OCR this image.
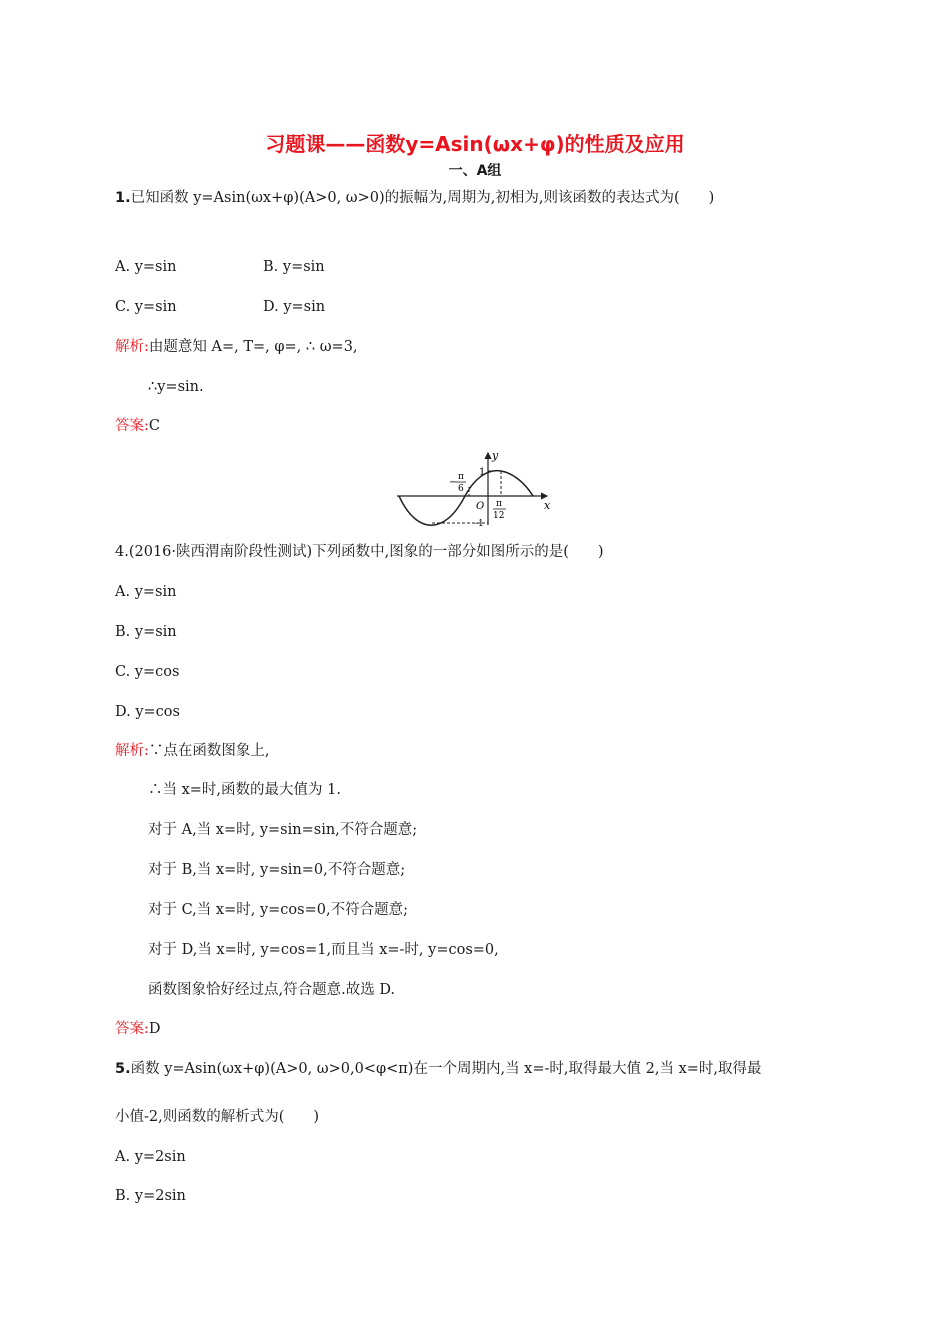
习题课——函数y=Asin(ωx+φ)的性质及应用
一、A组
1.已知函数 y=Asin(ωx+φ)(A>0, ω>0)的振幅为,周期为,初相为,则该函数的表达式为(　　)
A. y=sin	B. y=sin
C. y=sin	D. y=sin
解析:由题意知 A=, T=, φ=, ∴ ω=3,
∴y=sin.
答案:C
y
x
1
O
-1
− π
6
π
12
4.(2016·陕西渭南阶段性测试)下列函数中,图象的一部分如图所示的是(　　)
A. y=sin
B. y=sin
C. y=cos
D. y=cos
解析:∵点在函数图象上,
∴当 x=时,函数的最大值为 1.
对于 A,当 x=时, y=sin=sin,不符合题意;
对于 B,当 x=时, y=sin=0,不符合题意;
对于 C,当 x=时, y=cos=0,不符合题意;
对于 D,当 x=时, y=cos=1,而且当 x=-时, y=cos=0,
函数图象恰好经过点,符合题意.故选 D.
答案:D
5.函数 y=Asin(ωx+φ)(A>0, ω>0,0<φ<π)在一个周期内,当 x=-时,取得最大值 2,当 x=时,取得最
小值-2,则函数的解析式为(　　)
A. y=2sin
B. y=2sin
